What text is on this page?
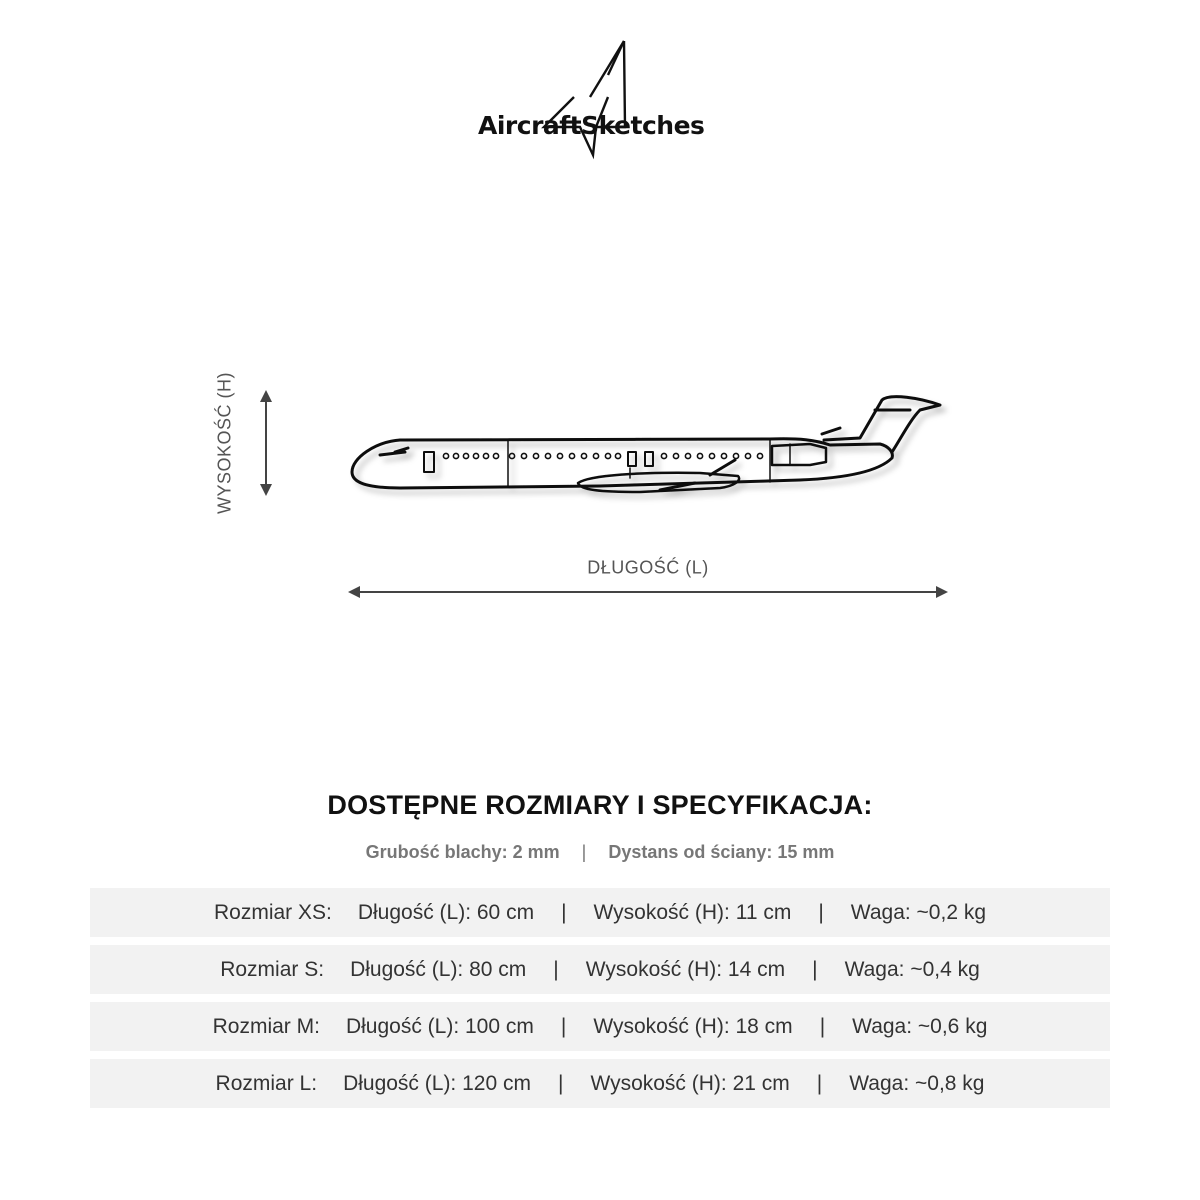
AircraftSketches
WYSOKOŚĆ (H)
DŁUGOŚĆ (L)
DOSTĘPNE ROZMIARY I SPECYFIKACJA:
Grubość blachy: 2 mm | Dystans od ściany: 15 mm
Rozmiar XS: Długość (L): 60 cm | Wysokość (H): 11 cm | Waga: ~0,2 kg
Rozmiar S: Długość (L): 80 cm | Wysokość (H): 14 cm | Waga: ~0,4 kg
Rozmiar M: Długość (L): 100 cm | Wysokość (H): 18 cm | Waga: ~0,6 kg
Rozmiar L: Długość (L): 120 cm | Wysokość (H): 21 cm | Waga: ~0,8 kg
